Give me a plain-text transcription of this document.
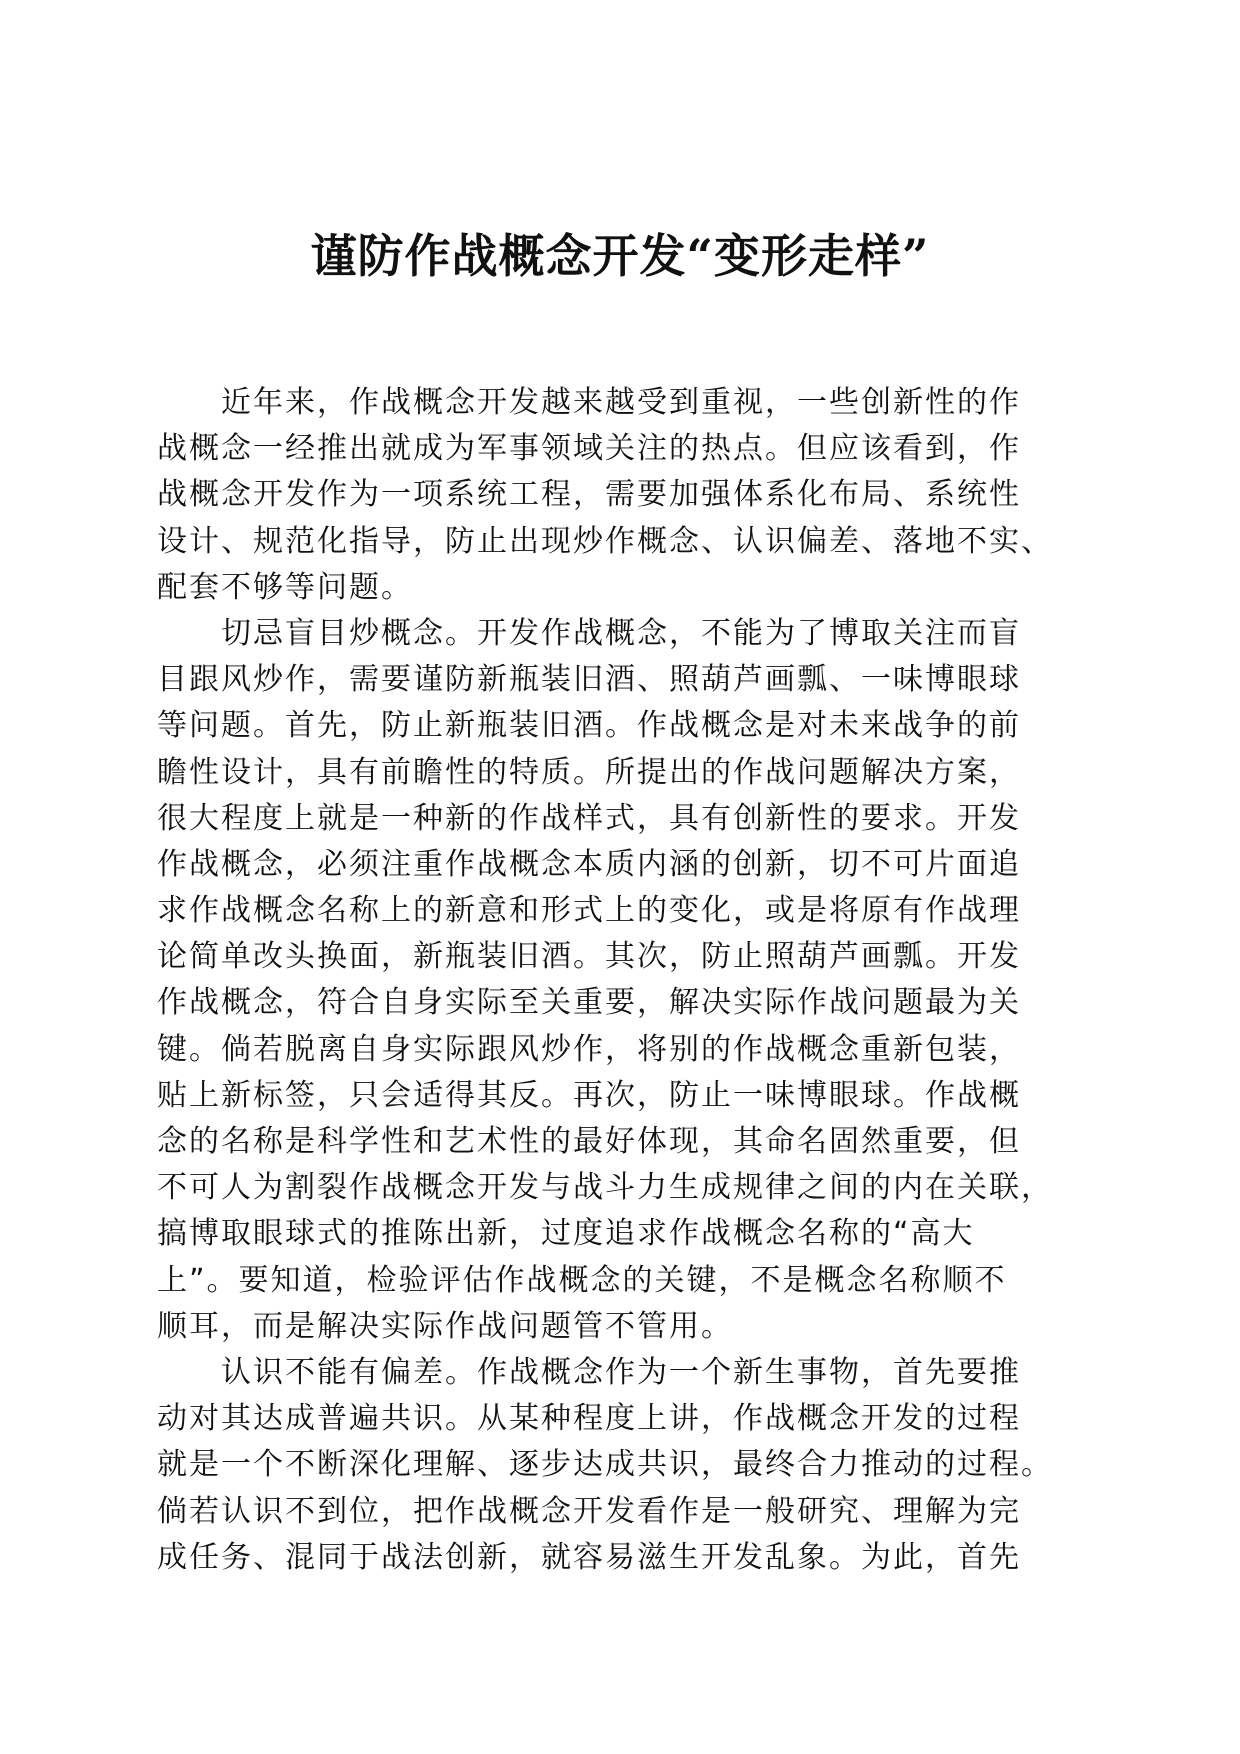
谨防作战概念开发“变形走样”
　　近年来，作战概念开发越来越受到重视，一些创新性的作
战概念一经推出就成为军事领域关注的热点。但应该看到，作
战概念开发作为一项系统工程，需要加强体系化布局、系统性
设计、规范化指导，防止出现炒作概念、认识偏差、落地不实、
配套不够等问题。
　　切忌盲目炒概念。开发作战概念，不能为了博取关注而盲
目跟风炒作，需要谨防新瓶装旧酒、照葫芦画瓢、一味博眼球
等问题。首先，防止新瓶装旧酒。作战概念是对未来战争的前
瞻性设计，具有前瞻性的特质。所提出的作战问题解决方案，
很大程度上就是一种新的作战样式，具有创新性的要求。开发
作战概念，必须注重作战概念本质内涵的创新，切不可片面追
求作战概念名称上的新意和形式上的变化，或是将原有作战理
论简单改头换面，新瓶装旧酒。其次，防止照葫芦画瓢。开发
作战概念，符合自身实际至关重要，解决实际作战问题最为关
键。倘若脱离自身实际跟风炒作，将别的作战概念重新包装，
贴上新标签，只会适得其反。再次，防止一味博眼球。作战概
念的名称是科学性和艺术性的最好体现，其命名固然重要，但
不可人为割裂作战概念开发与战斗力生成规律之间的内在关联，
搞博取眼球式的推陈出新，过度追求作战概念名称的“高大
上”。要知道，检验评估作战概念的关键，不是概念名称顺不
顺耳，而是解决实际作战问题管不管用。
　　认识不能有偏差。作战概念作为一个新生事物，首先要推
动对其达成普遍共识。从某种程度上讲，作战概念开发的过程
就是一个不断深化理解、逐步达成共识，最终合力推动的过程。
倘若认识不到位，把作战概念开发看作是一般研究、理解为完
成任务、混同于战法创新，就容易滋生开发乱象。为此，首先
